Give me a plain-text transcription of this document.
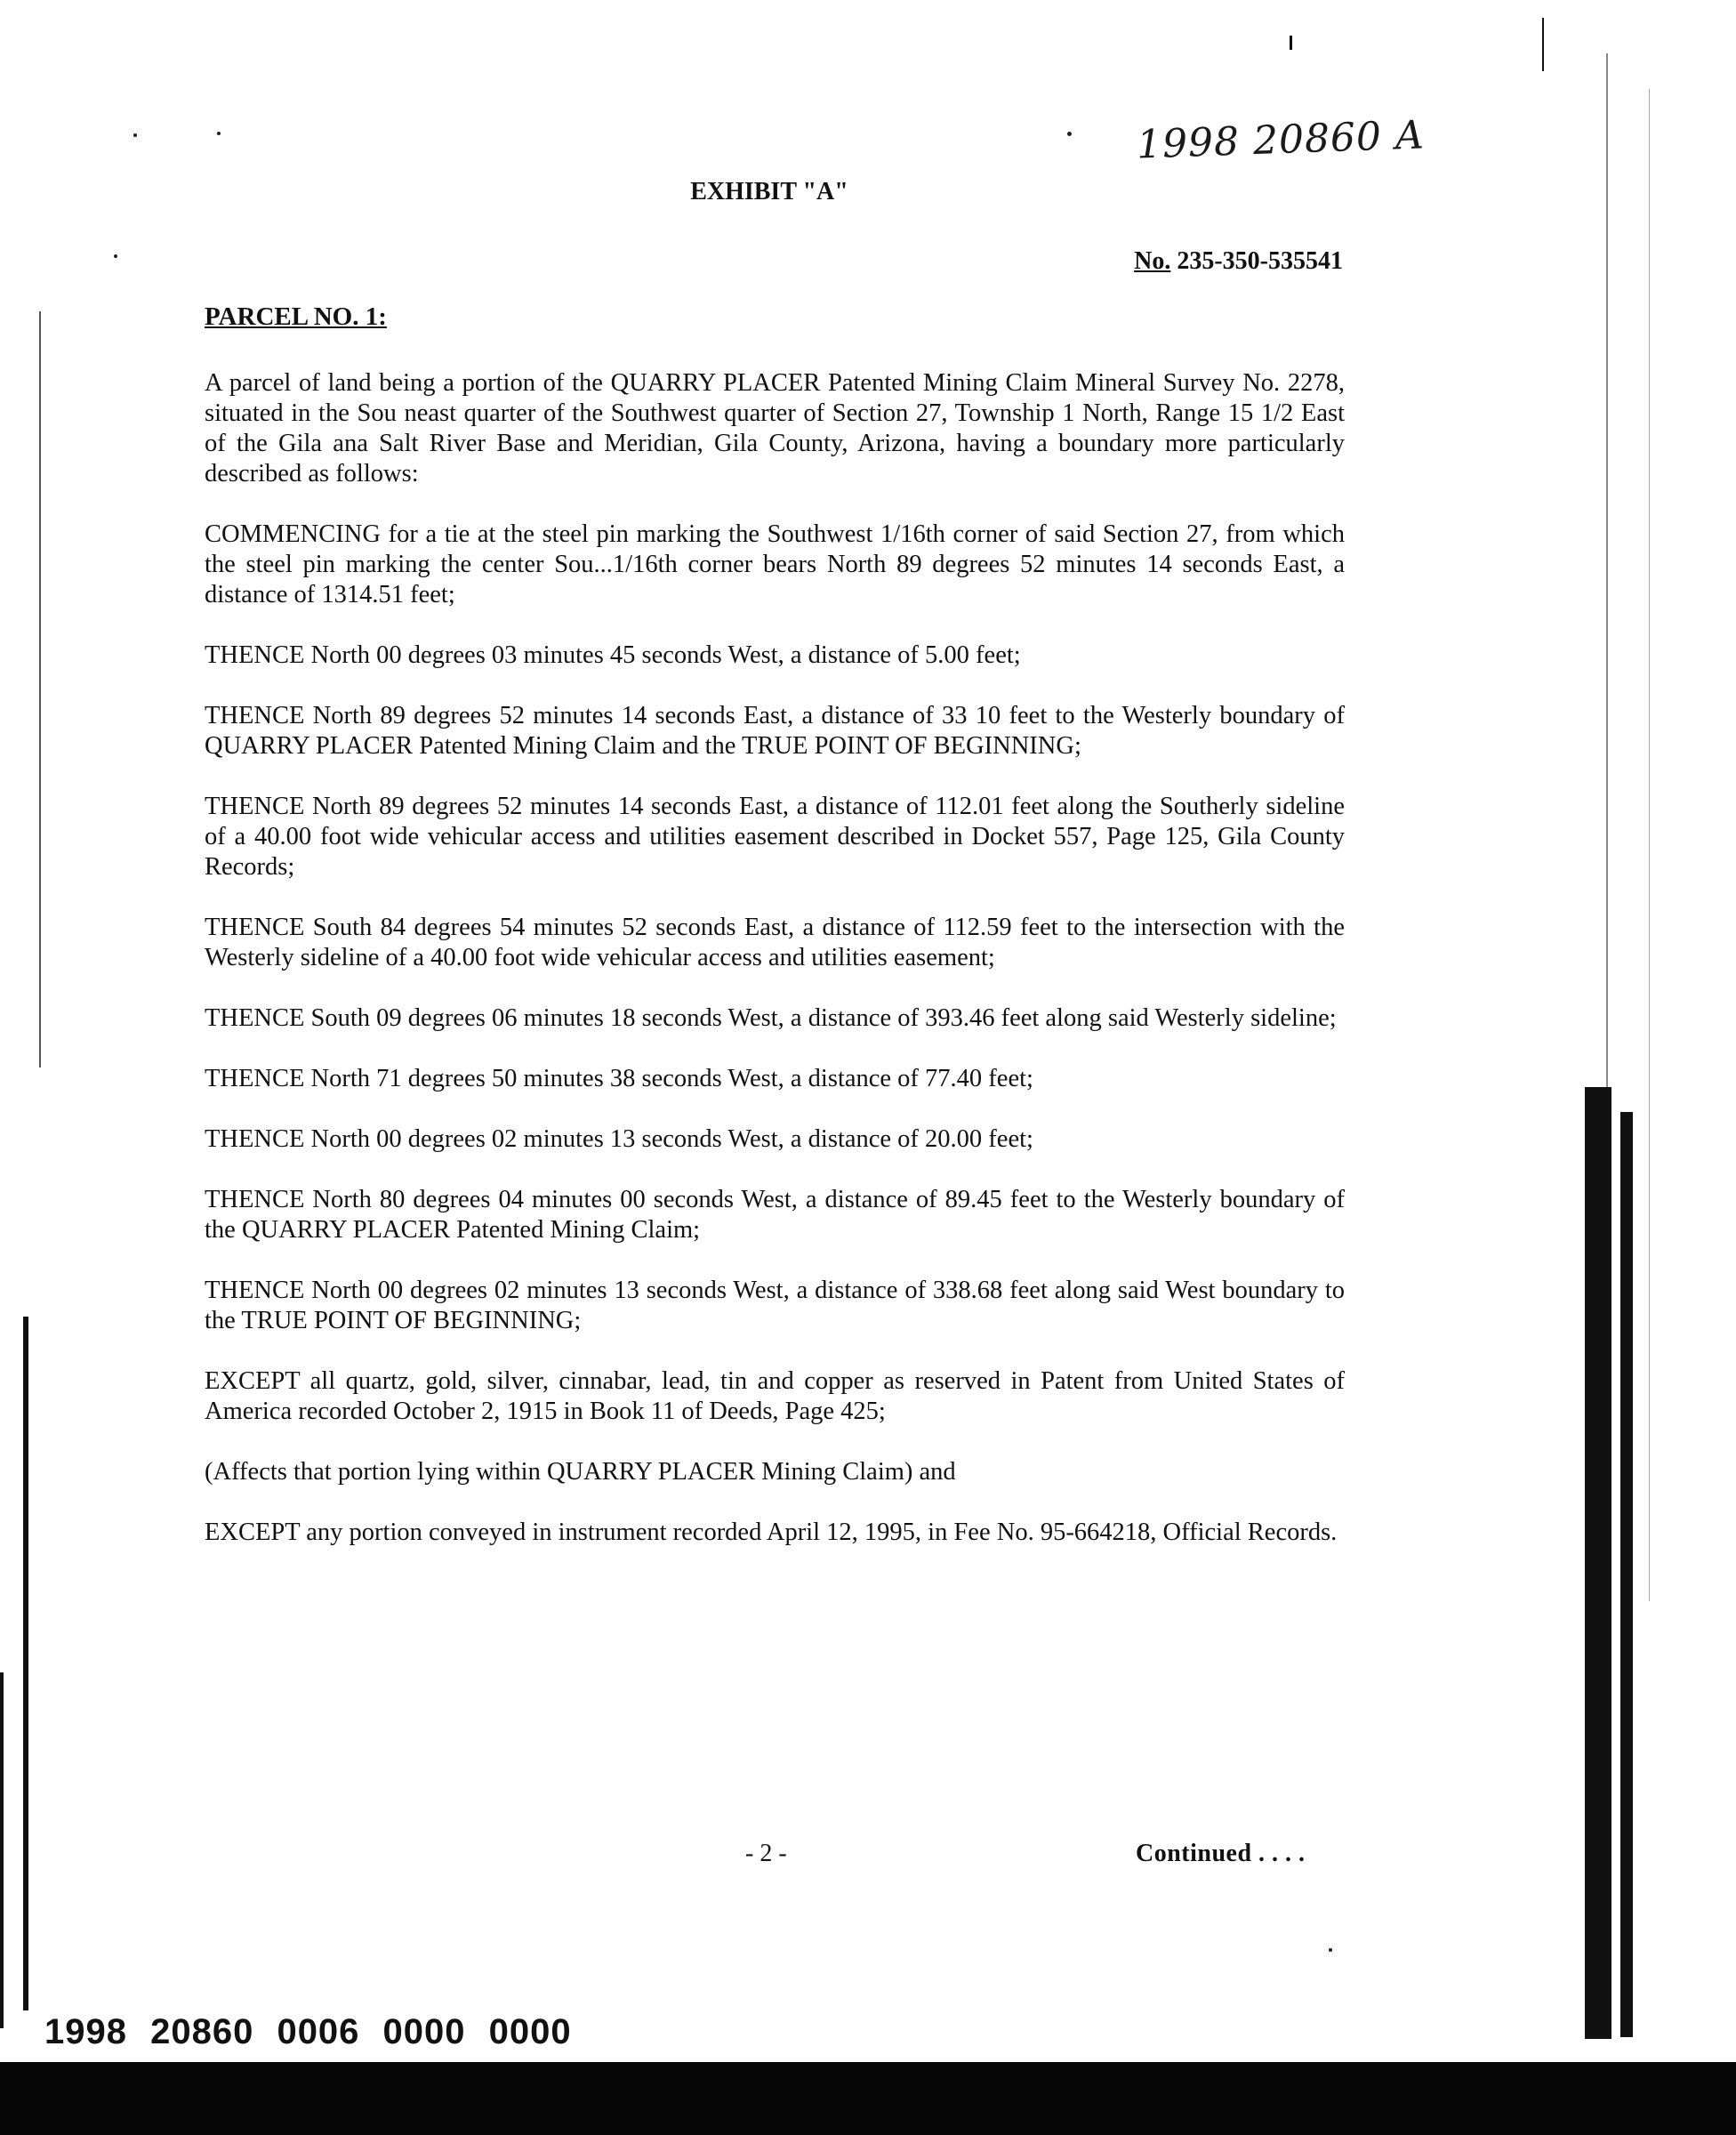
1998 20860 A
EXHIBIT "A"
No. 235-350-535541
PARCEL NO. 1:

A parcel of land being a portion of the QUARRY PLACER Patented Mining Claim Mineral Survey No. 2278, situated in the Sou neast quarter of the Southwest quarter of Section 27, Township 1 North, Range 15 1/2 East of the Gila ana Salt River Base and Meridian, Gila County, Arizona, having a boundary more particularly described as follows:

COMMENCING for a tie at the steel pin marking the Southwest 1/16th corner of said Section 27, from which the steel pin marking the center Sou...1/16th corner bears North 89 degrees 52 minutes 14 seconds East, a distance of 1314.51 feet;

THENCE North 00 degrees 03 minutes 45 seconds West, a distance of 5.00 feet;

THENCE North 89 degrees 52 minutes 14 seconds East, a distance of 33 10 feet to the Westerly boundary of QUARRY PLACER Patented Mining Claim and the TRUE POINT OF BEGINNING;

THENCE North 89 degrees 52 minutes 14 seconds East, a distance of 112.01 feet along the Southerly sideline of a 40.00 foot wide vehicular access and utilities easement described in Docket 557, Page 125, Gila County Records;

THENCE South 84 degrees 54 minutes 52 seconds East, a distance of 112.59 feet to the intersection with the Westerly sideline of a 40.00 foot wide vehicular access and utilities easement;

THENCE South 09 degrees 06 minutes 18 seconds West, a distance of 393.46 feet along said Westerly sideline;

THENCE North 71 degrees 50 minutes 38 seconds West, a distance of 77.40 feet;

THENCE North 00 degrees 02 minutes 13 seconds West, a distance of 20.00 feet;

THENCE North 80 degrees 04 minutes 00 seconds West, a distance of 89.45 feet to the Westerly boundary of the QUARRY PLACER Patented Mining Claim;

THENCE North 00 degrees 02 minutes 13 seconds West, a distance of 338.68 feet along said West boundary to the TRUE POINT OF BEGINNING;

EXCEPT all quartz, gold, silver, cinnabar, lead, tin and copper as reserved in Patent from United States of America recorded October 2, 1915 in Book 11 of Deeds, Page 425;

(Affects that portion lying within QUARRY PLACER Mining Claim) and

EXCEPT any portion conveyed in instrument recorded April 12, 1995, in Fee No. 95-664218, Official Records.

- 2 -	Continued . . . .
1998 20860 0006 0000 0000
